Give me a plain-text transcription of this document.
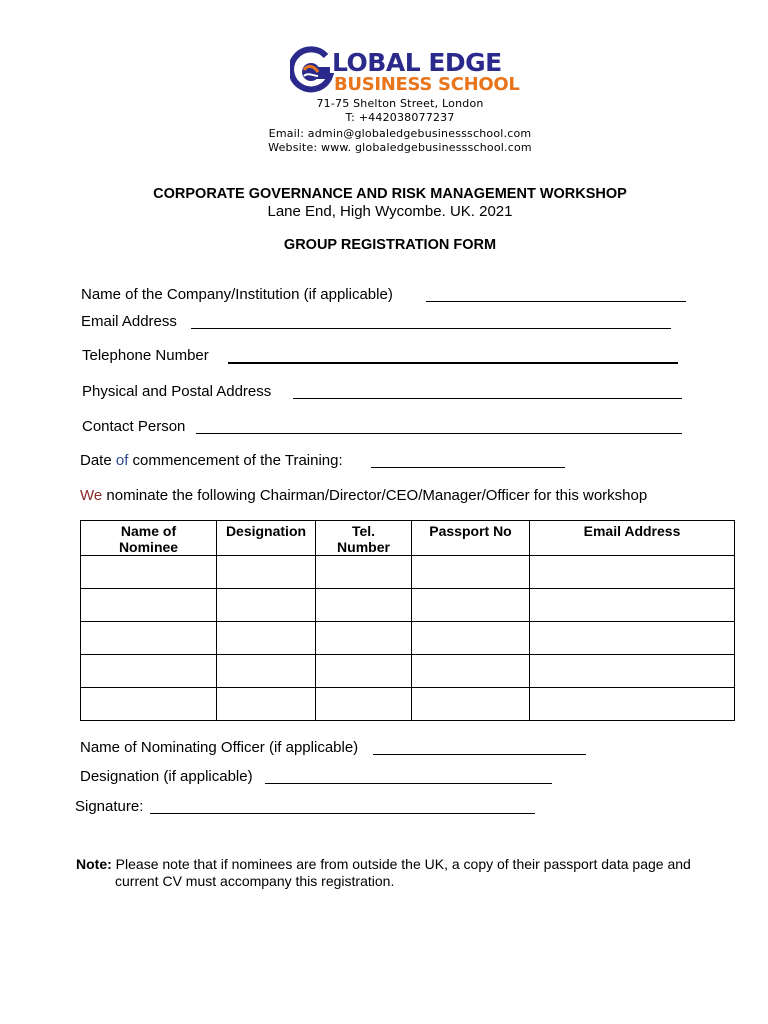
LOBAL EDGE
BUSINESS SCHOOL
71-75 Shelton Street, London
T: +442038077237
Email: admin@globaledgebusinessschool.com
Website: www. globaledgebusinessschool.com
CORPORATE GOVERNANCE AND RISK MANAGEMENT WORKSHOP
Lane End, High Wycombe. UK. 2021
GROUP REGISTRATION FORM
Name of the Company/Institution (if applicable)
Email Address
Telephone Number
Physical and Postal Address
Contact Person
Date of commencement of the Training:
We nominate the following Chairman/Director/CEO/Manager/Officer for this workshop
Name of Nominee	Designation	Tel. Number	Passport No	Email Address

Name of Nominating Officer (if applicable)
Designation (if applicable)
Signature:
Note: Please note that if nominees are from outside the UK, a copy of their passport data page and
current CV must accompany this registration.
